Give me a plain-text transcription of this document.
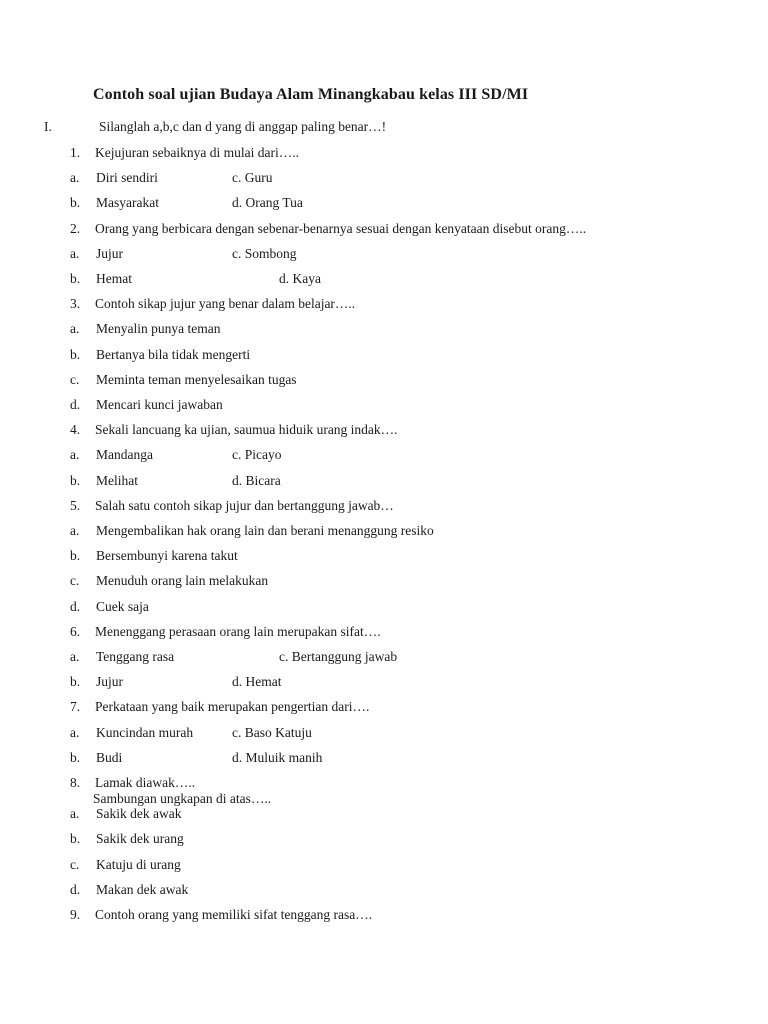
Contoh soal ujian Budaya Alam Minangkabau kelas III SD/MI
I.	Silanglah a,b,c dan d yang di anggap paling benar…!
1. Kejujuran sebaiknya di mulai dari…..
a. Diri sendiri	c. Guru
b. Masyarakat	d. Orang Tua
2. Orang yang berbicara dengan sebenar-benarnya sesuai dengan kenyataan disebut orang…..
a. Jujur	c. Sombong
b. Hemat	d. Kaya
3. Contoh sikap jujur yang benar dalam belajar…..
a. Menyalin punya teman
b. Bertanya bila tidak mengerti
c. Meminta teman menyelesaikan tugas
d. Mencari kunci jawaban
4. Sekali lancuang ka ujian, saumua hiduik urang indak….
a. Mandanga	c. Picayo
b. Melihat	d. Bicara
5. Salah satu contoh sikap jujur dan bertanggung jawab…
a. Mengembalikan hak orang lain dan berani menanggung resiko
b. Bersembunyi karena takut
c. Menuduh orang lain melakukan
d. Cuek saja
6. Menenggang perasaan orang lain merupakan sifat….
a. Tenggang rasa	c. Bertanggung jawab
b. Jujur	d. Hemat
7. Perkataan yang baik merupakan pengertian dari….
a. Kuncindan murah	c. Baso Katuju
b. Budi	d. Muluik manih
8. Lamak diawak…..
Sambungan ungkapan di atas…..
a. Sakik dek awak
b. Sakik dek urang
c. Katuju di urang
d. Makan dek awak
9. Contoh orang yang memiliki sifat tenggang rasa….
